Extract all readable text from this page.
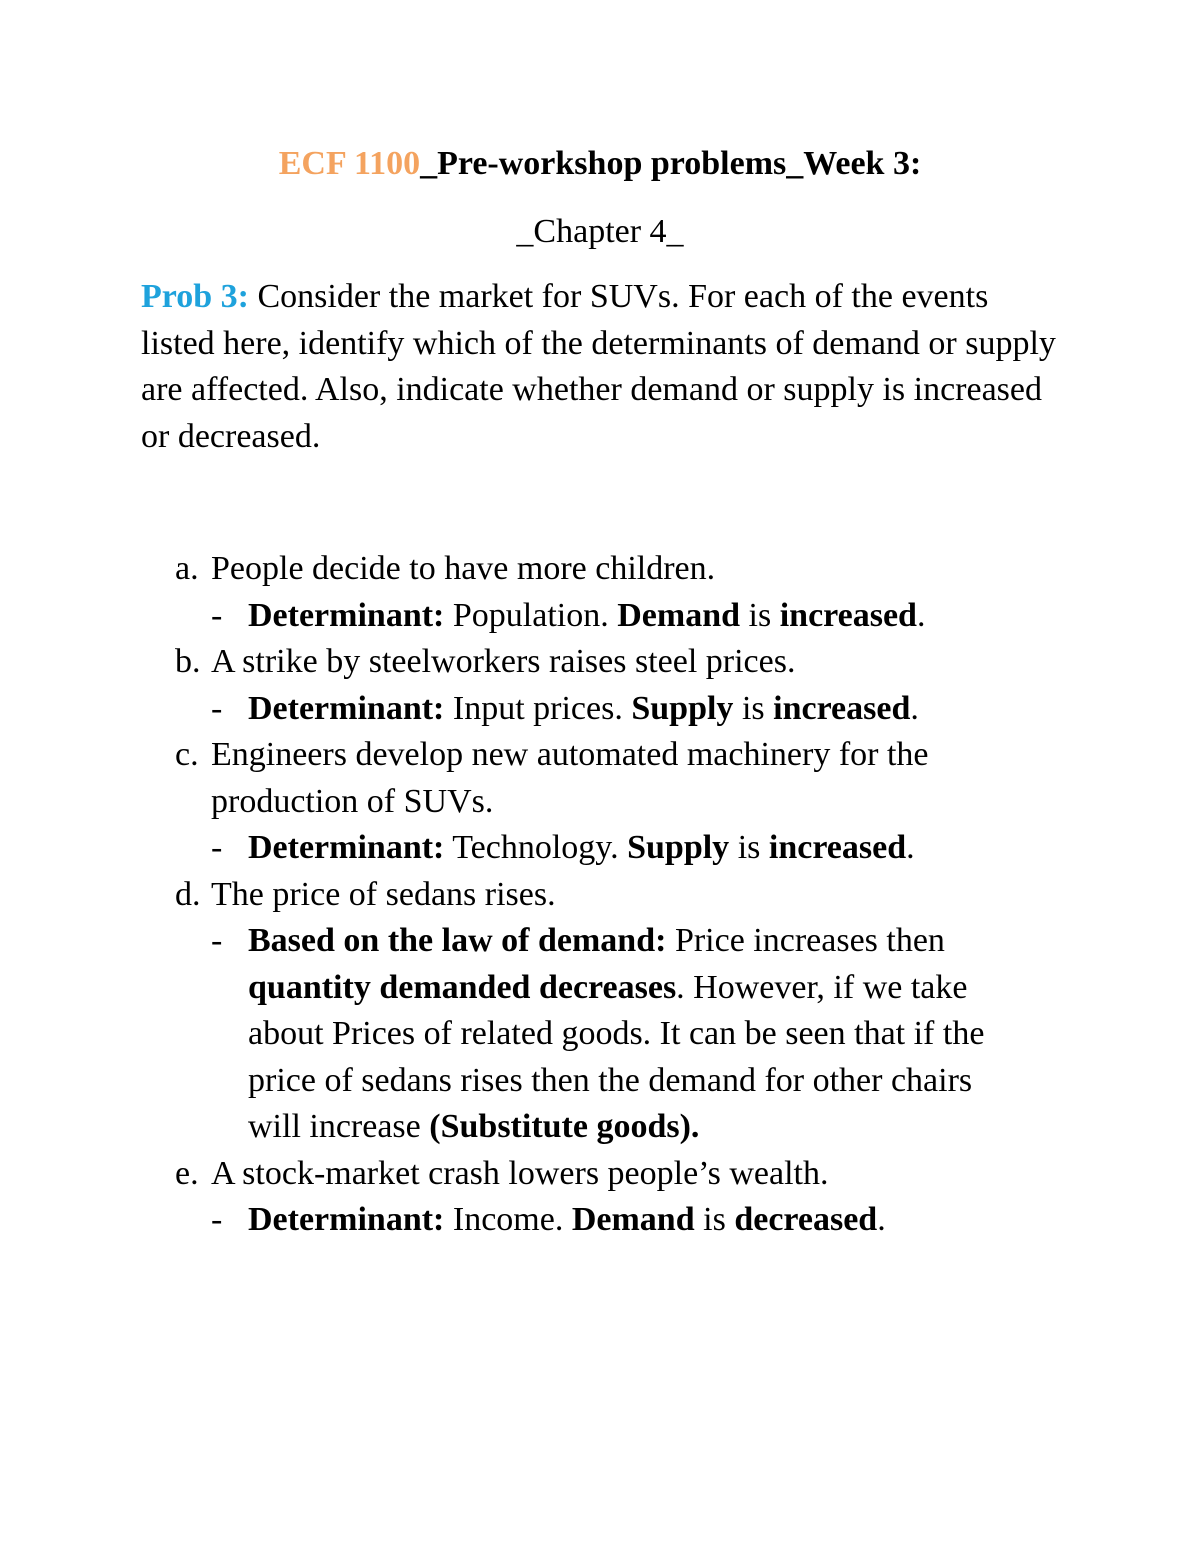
ECF 1100_Pre-workshop problems_Week 3:
_Chapter 4_
Prob 3: Consider the market for SUVs. For each of the events listed here, identify which of the determinants of demand or supply are affected. Also, indicate whether demand or supply is increased or decreased.
a. People decide to have more children.
- Determinant: Population. Demand is increased.
b. A strike by steelworkers raises steel prices.
- Determinant: Input prices. Supply is increased.
c. Engineers develop new automated machinery for the production of SUVs.
- Determinant: Technology. Supply is increased.
d. The price of sedans rises.
- Based on the law of demand: Price increases then quantity demanded decreases. However, if we take about Prices of related goods. It can be seen that if the price of sedans rises then the demand for other chairs will increase (Substitute goods).
e. A stock-market crash lowers people’s wealth.
- Determinant: Income. Demand is decreased.
